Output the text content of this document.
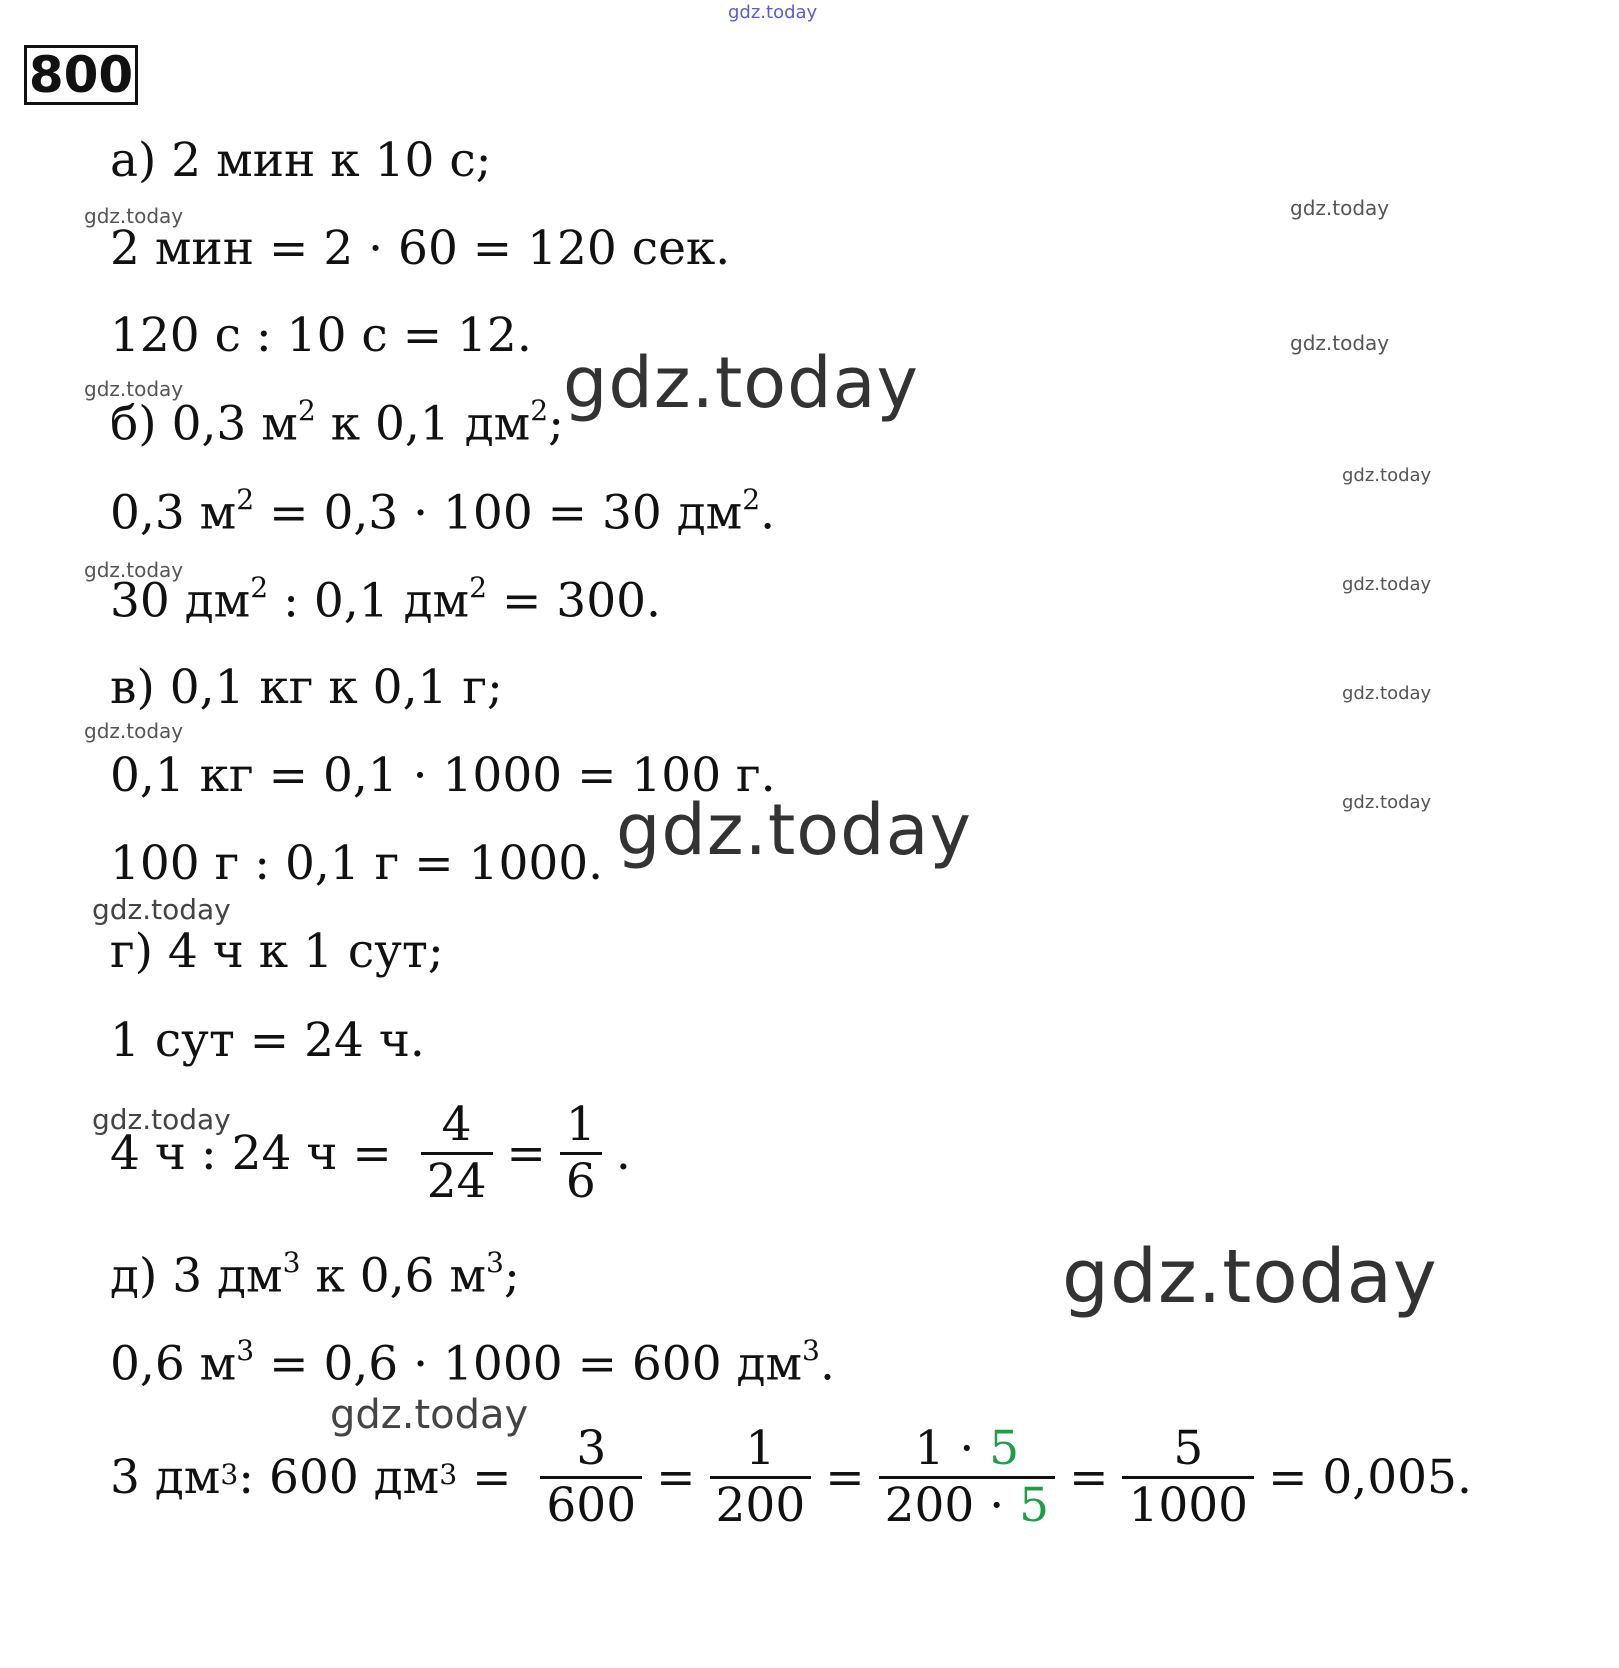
800
а) 2 мин к 10 с;
2 мин = 2 · 60 = 120 сек.
120 с : 10 с = 12.
б) 0,3 $м^2$ к 0,1 $дм^2$;
0,3 $м^2 = 0,3 \cdot 100 = 30$ $дм^2$.
30 $дм^2$ : 0,1 $дм^2 = 300$.
в) 0,1 кг к 0,1 г;
0,1 кг = 0,1 · 1000 = 100 г.
100 г : 0,1 г = 1000.
г) 4 ч к 1 сут;
1 сут = 24 ч.
4 ч : 24 $ч = \frac{4}{24} = \frac{1}{6}$ .
д) 3 $дм^3$ к 0,6 $м^3$;
0,6 $м^3 = 0,6 \cdot 1000 = 600$ $дм^3$.
3 $дм^3$ : 600 $дм^3 = \frac{3}{600} = \frac{1}{200} = \frac{1 \cdot 5}{200 \cdot 5} = \frac{5}{1000} = 0,005$.
gdz.today
gdz.today	gdz.today
gdz.today
gdz.today	gdz.today
gdz.today
gdz.today
gdz.today
gdz.today
gdz.today
gdz.today
gdz.today
gdz.today
gdz.today
gdz.today
gdz.today
